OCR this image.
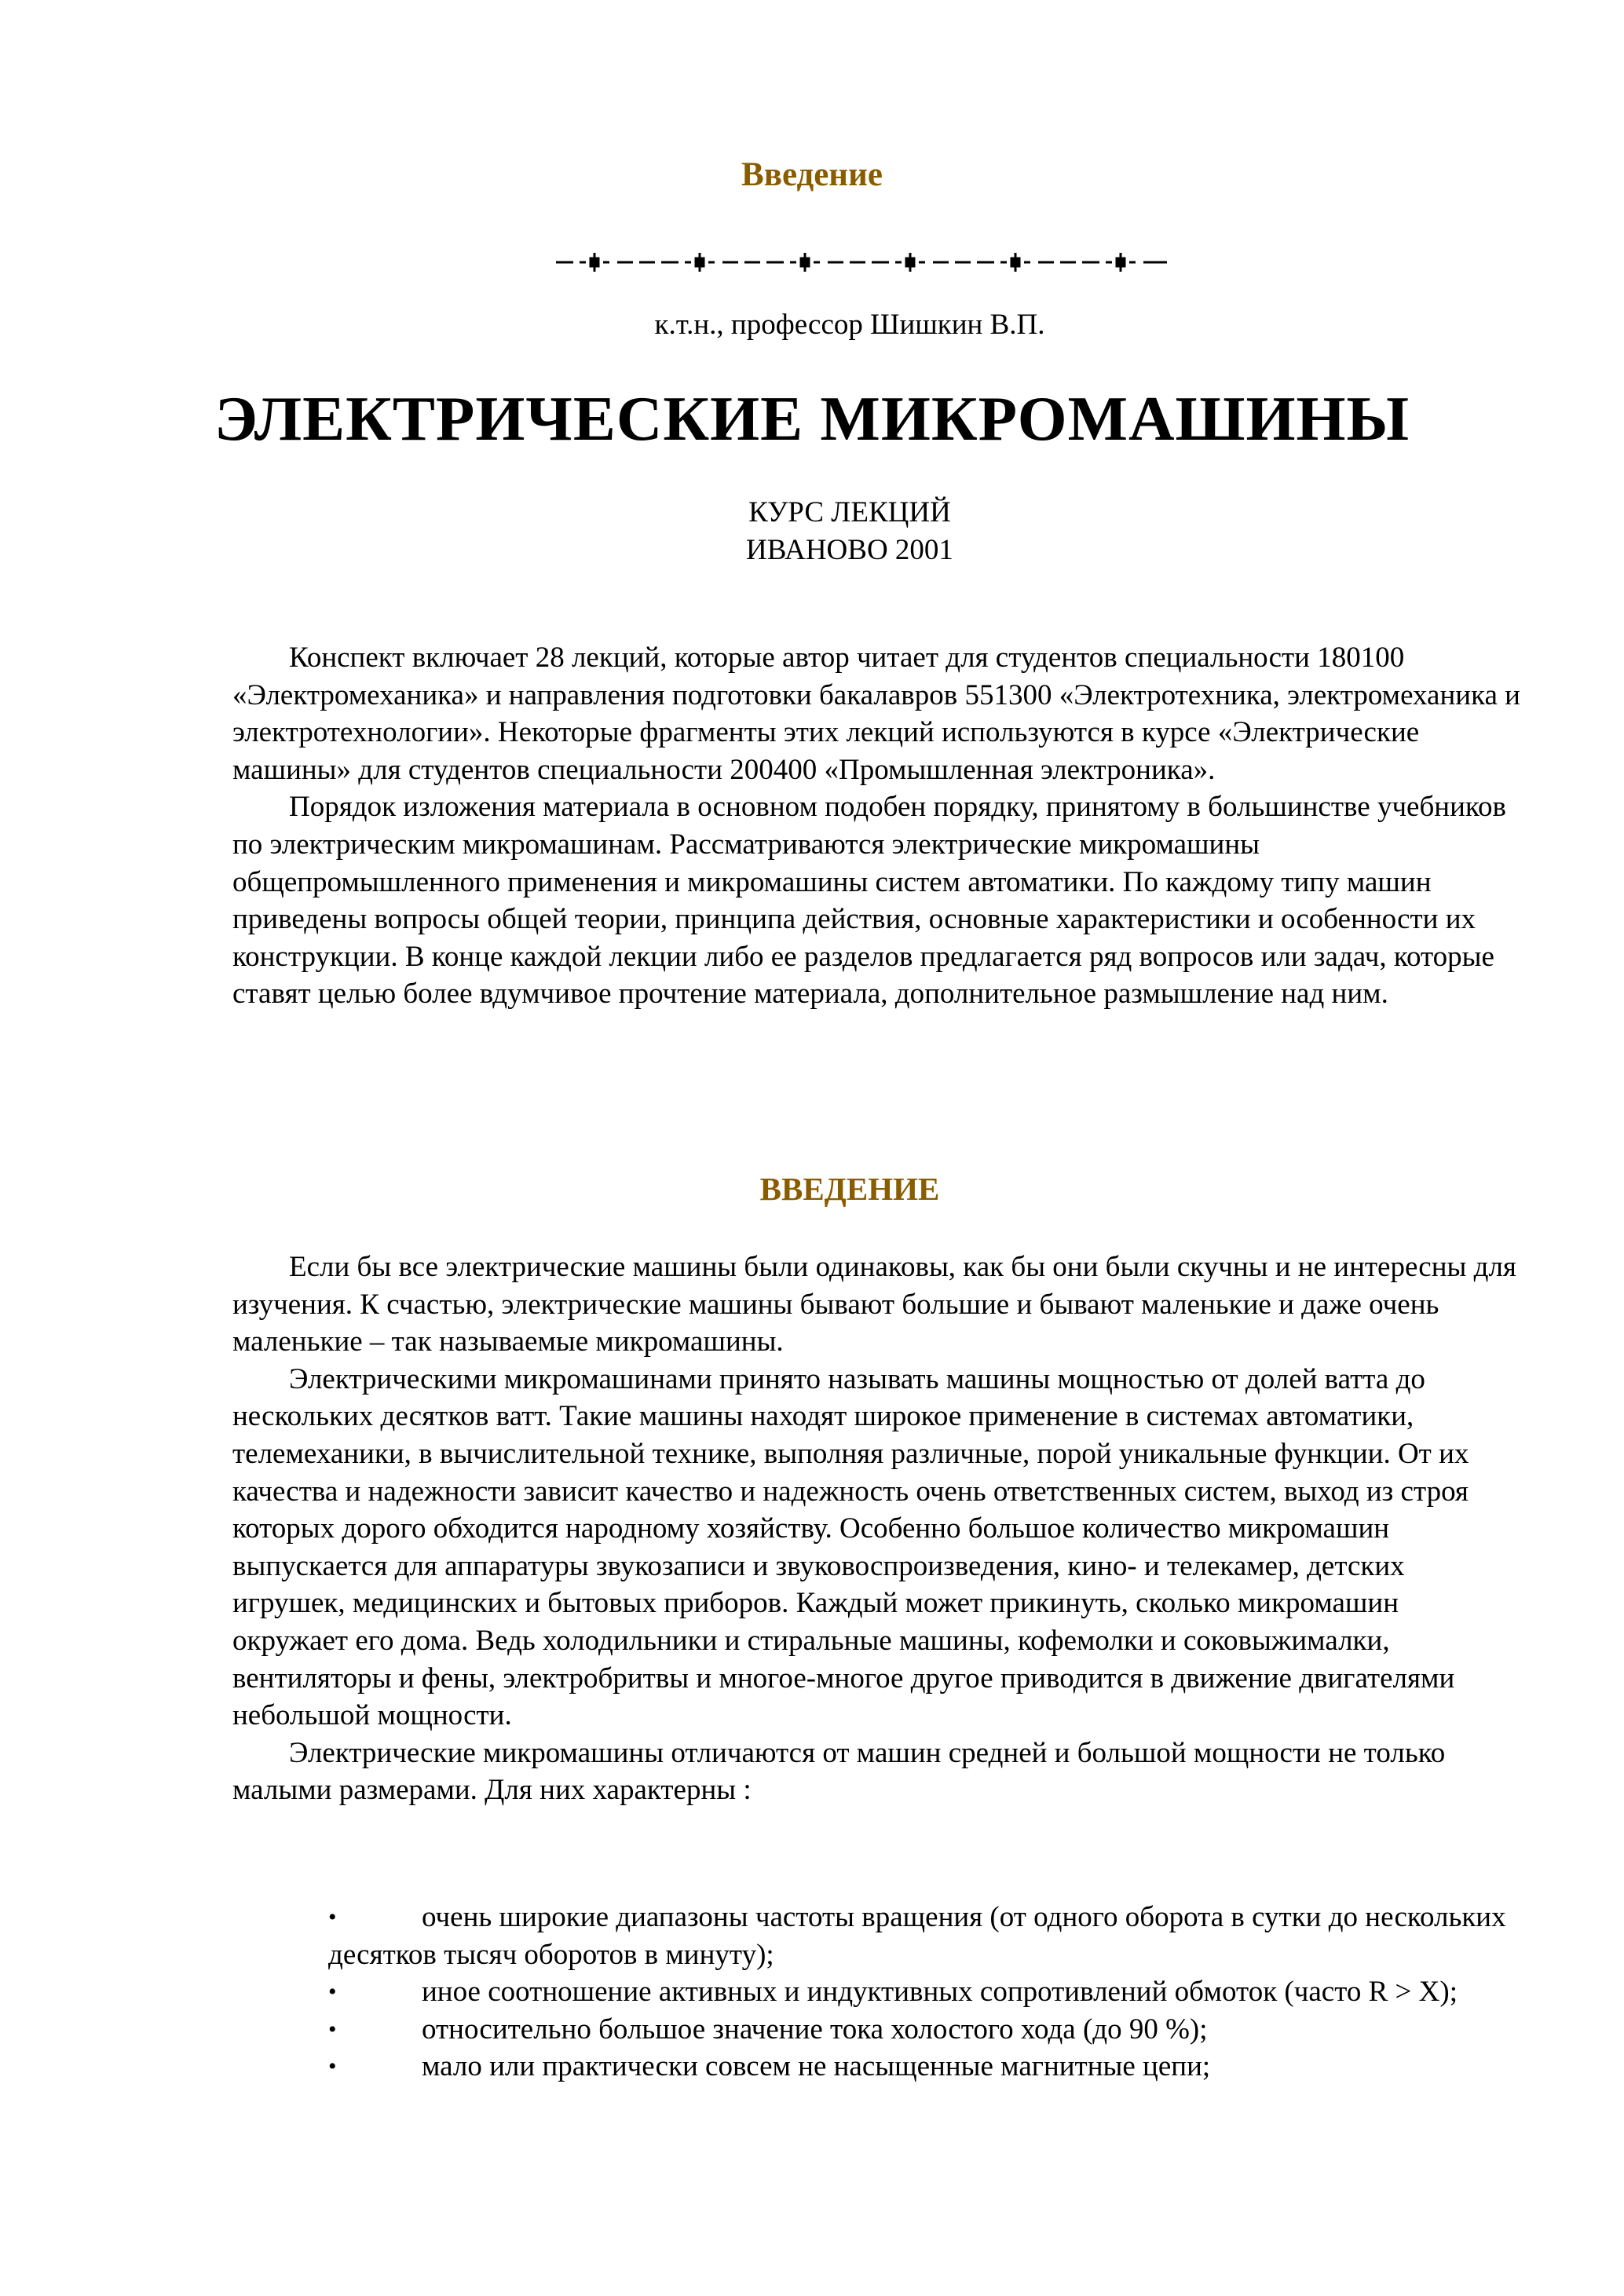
Введение
к.т.н., профессор Шишкин В.П.
ЭЛЕКТРИЧЕСКИЕ МИКРОМАШИНЫ
КУРС ЛЕКЦИЙ
ИВАНОВО 2001

Конспект включает 28 лекций, которые автор читает для студентов специальности 180100 «Электромеханика» и направления подготовки бакалавров 551300 «Электротехника, электромеханика и электротехнологии». Некоторые фрагменты этих лекций используются в курсе «Электрические машины» для студентов специальности 200400 «Промышленная электроника».

Порядок изложения материала в основном подобен порядку, принятому в большинстве учебников по электрическим микромашинам. Рассматриваются электрические микромашины общепромышленного применения и микромашины систем автоматики. По каждому типу машин приведены вопросы общей теории, принципа действия, основные характеристики и особенности их конструкции. В конце каждой лекции либо ее разделов предлагается ряд вопросов или задач, которые ставят целью более вдумчивое прочтение материала, дополнительное размышление над ним.

ВВЕДЕНИЕ

Если бы все электрические машины были одинаковы, как бы они были скучны и не интересны для изучения. К счастью, электрические машины бывают большие и бывают маленькие и даже очень маленькие – так называемые микромашины.

Электрическими микромашинами принято называть машины мощностью от долей ватта до нескольких десятков ватт. Такие машины находят широкое применение в системах автоматики, телемеханики, в вычислительной технике, выполняя различные, порой уникальные функции. От их качества и надежности зависит качество и надежность очень ответственных систем, выход из строя которых дорого обходится народному хозяйству. Особенно большое количество микромашин выпускается для аппаратуры звукозаписи и звуковоспроизведения, кино- и телекамер, детских игрушек, медицинских и бытовых приборов. Каждый может прикинуть, сколько микромашин окружает его дома. Ведь холодильники и стиральные машины, кофемолки и соковыжималки, вентиляторы и фены, электробритвы и многое-многое другое приводится в движение двигателями небольшой мощности.

Электрические микромашины отличаются от машин средней и большой мощности не только малыми размерами. Для них характерны :

•	очень широкие диапазоны частоты вращения (от одного оборота в сутки до нескольких десятков тысяч оборотов в минуту);
•	иное соотношение активных и индуктивных сопротивлений обмоток (часто R > X);
•	относительно большое значение тока холостого хода (до 90 %);
•	мало или практически совсем не насыщенные магнитные цепи;
